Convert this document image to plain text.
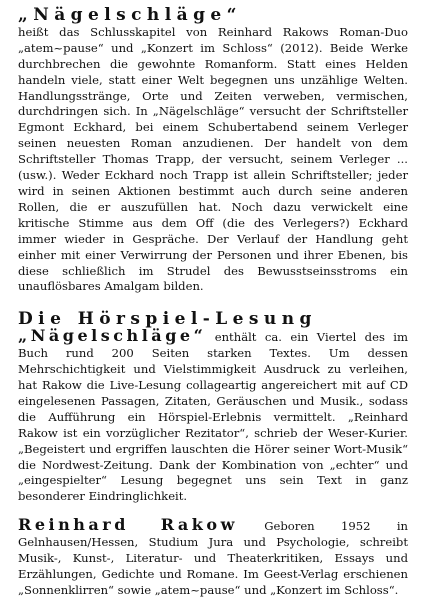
„Nägelschläge“
heißt das Schlusskapitel von Reinhard Rakows Roman-Duo „atem~pause“ und „Konzert im Schloss“ (2012). Beide Werke durchbrechen die gewohnte Romanform. Statt eines Helden handeln viele, statt einer Welt begegnen uns unzählige Welten. Handlungsstränge, Orte und Zeiten verweben, vermischen, durchdringen sich. In „Nägelschläge“ versucht der Schriftsteller Egmont Eckhard, bei einem Schubertabend seinem Verleger seinen neuesten Roman anzudienen. Der handelt von dem Schriftsteller Thomas Trapp, der versucht, seinem Verleger ... (usw.). Weder Eckhard noch Trapp ist allein Schriftsteller; jeder wird in seinen Aktionen bestimmt auch durch seine anderen Rollen, die er auszufüllen hat. Noch dazu verwickelt eine kritische Stimme aus dem Off (die des Verlegers?) Eckhard immer wieder in Gespräche. Der Verlauf der Handlung geht einher mit einer Verwirrung der Personen und ihrer Ebenen, bis diese schließlich im Strudel des Bewusstseinsstroms ein unauflösbares Amalgam bilden.

Die Hörspiel-Lesung

„Nägelschläge“ enthält ca. ein Viertel des im Buch rund 200 Seiten starken Textes. Um dessen Mehrschichtigkeit und Vielstimmigkeit Ausdruck zu verleihen, hat Rakow die Live-Lesung collageartig angereichert mit auf CD eingelesenen Passagen, Zitaten, Geräuschen und Musik., sodass die Aufführung ein Hörspiel-Erlebnis vermittelt. „Reinhard Rakow ist ein vorzüglicher Rezitator“, schrieb der Weser-Kurier. „Begeistert und ergriffen lauschten die Hörer seiner Wort-Musik“ die Nordwest-Zeitung. Dank der Kombination von „echter“ und „eingespielter“ Lesung begegnet uns sein Text in ganz besonderer Eindringlichkeit.

Reinhard Rakow Geboren 1952 in Gelnhausen/Hessen, Studium Jura und Psychologie, schreibt Musik-, Kunst-, Literatur- und Theaterkritiken, Essays und Erzählungen, Gedichte und Romane. Im Geest-Verlag erschienen „Sonnenklirren“ sowie „atem~pause“ und „Konzert im Schloss“.
